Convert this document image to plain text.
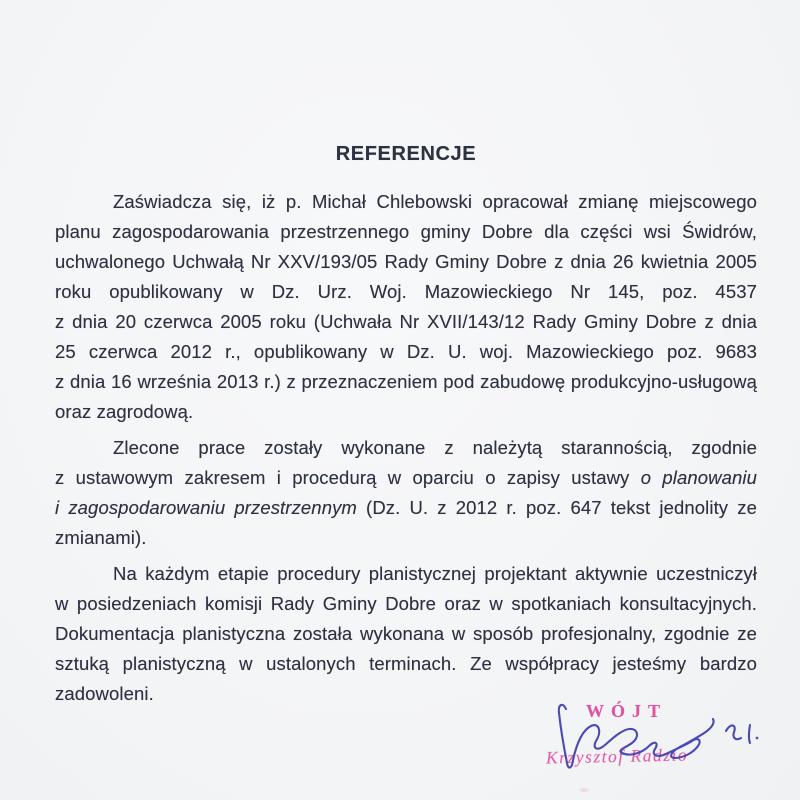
REFERENCJE
Zaświadcza się, iż p. Michał Chlebowski opracował zmianę miejscowego
planu zagospodarowania przestrzennego gminy Dobre dla części wsi Świdrów,
uchwalonego Uchwałą Nr XXV/193/05 Rady Gminy Dobre z dnia 26 kwietnia 2005
roku opublikowany w Dz. Urz. Woj. Mazowieckiego Nr 145, poz. 4537
z dnia 20 czerwca 2005 roku (Uchwała Nr XVII/143/12 Rady Gminy Dobre z dnia
25 czerwca 2012 r., opublikowany w Dz. U. woj. Mazowieckiego poz. 9683
z dnia 16 września 2013 r.) z przeznaczeniem pod zabudowę produkcyjno-usługową
oraz zagrodową.
Zlecone prace zostały wykonane z należytą starannością, zgodnie
z ustawowym zakresem i procedurą w oparciu o zapisy ustawy o planowaniu
i zagospodarowaniu przestrzennym (Dz. U. z 2012 r. poz. 647 tekst jednolity ze
zmianami).
Na każdym etapie procedury planistycznej projektant aktywnie uczestniczył
w posiedzeniach komisji Rady Gminy Dobre oraz w spotkaniach konsultacyjnych.
Dokumentacja planistyczna została wykonana w sposób profesjonalny, zgodnie ze
sztuką planistyczną w ustalonych terminach. Ze współpracy jesteśmy bardzo
zadowoleni.
WÓJT
Krzysztof Radzio
